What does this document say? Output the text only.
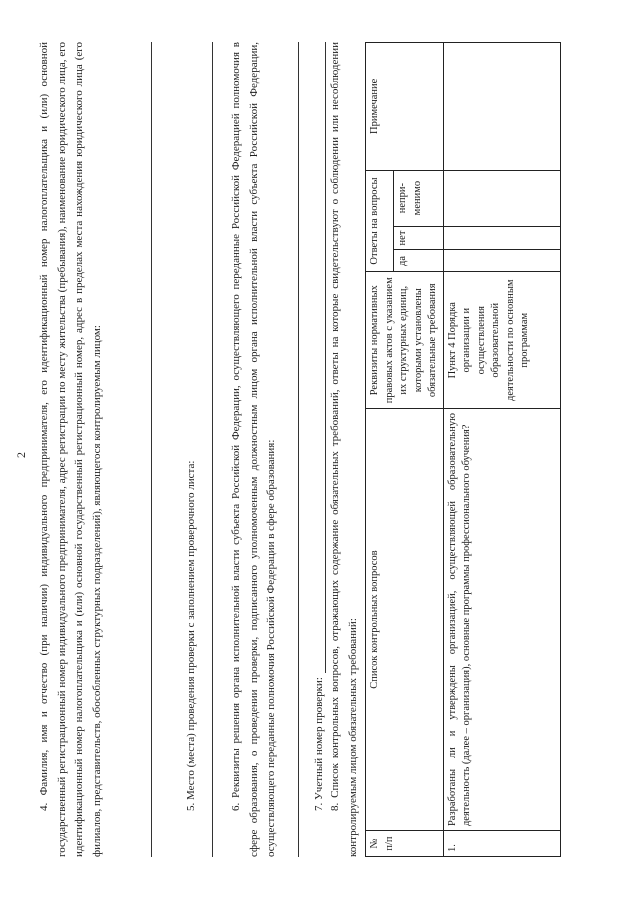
2 4. Фамилия, имя и отчество (при наличии) индивидуального предпринимателя, его идентификационный номер налогоплательщика и (или) основной государственный регистрационный номер индивидуального предпринимателя, адрес регистрации по месту жительства (пребывания), наименование юридического лица, его идентификационный номер налогоплательщика и (или) основной государственный регистрационный номер, адрес в пределах места нахождения юридического лица (его филиалов, представительств, обособленных структурных подразделений), являющегося контролируемым лицом:	5. Место (места) проведения проверки с заполнением проверочного листа:	6. Реквизиты решения органа исполнительной власти субъекта Российской Федерации, осуществляющего переданные Российской Федерацией полномочия в сфере образования, о проведении проверки, подписанного уполномоченным должностным лицом органа исполнительной власти субъекта Российской Федерации, осуществляющего переданные полномочия Российской Федерации в сфере образования:	7. Учетный номер проверки: 8. Список контрольных вопросов, отражающих содержание обязательных требований, ответы на которые свидетельствуют о соблюдении или несоблюдении контролируемым лицом обязательных требований:	№ п/п	Список контрольных вопросов	Реквизиты нормативных правовых актов с указанием их структурных единиц, которыми установлены обязательные требования	Ответы на вопросы			Примечание
			да	нет	непри-менимо	
1.	Разработаны ли и утверждены организацией, осуществляющей образовательную деятельность (далее – организация), основные программы профессионального обучения?	Пункт 4 Порядка организации и осуществления образовательной деятельности по основным программам				
